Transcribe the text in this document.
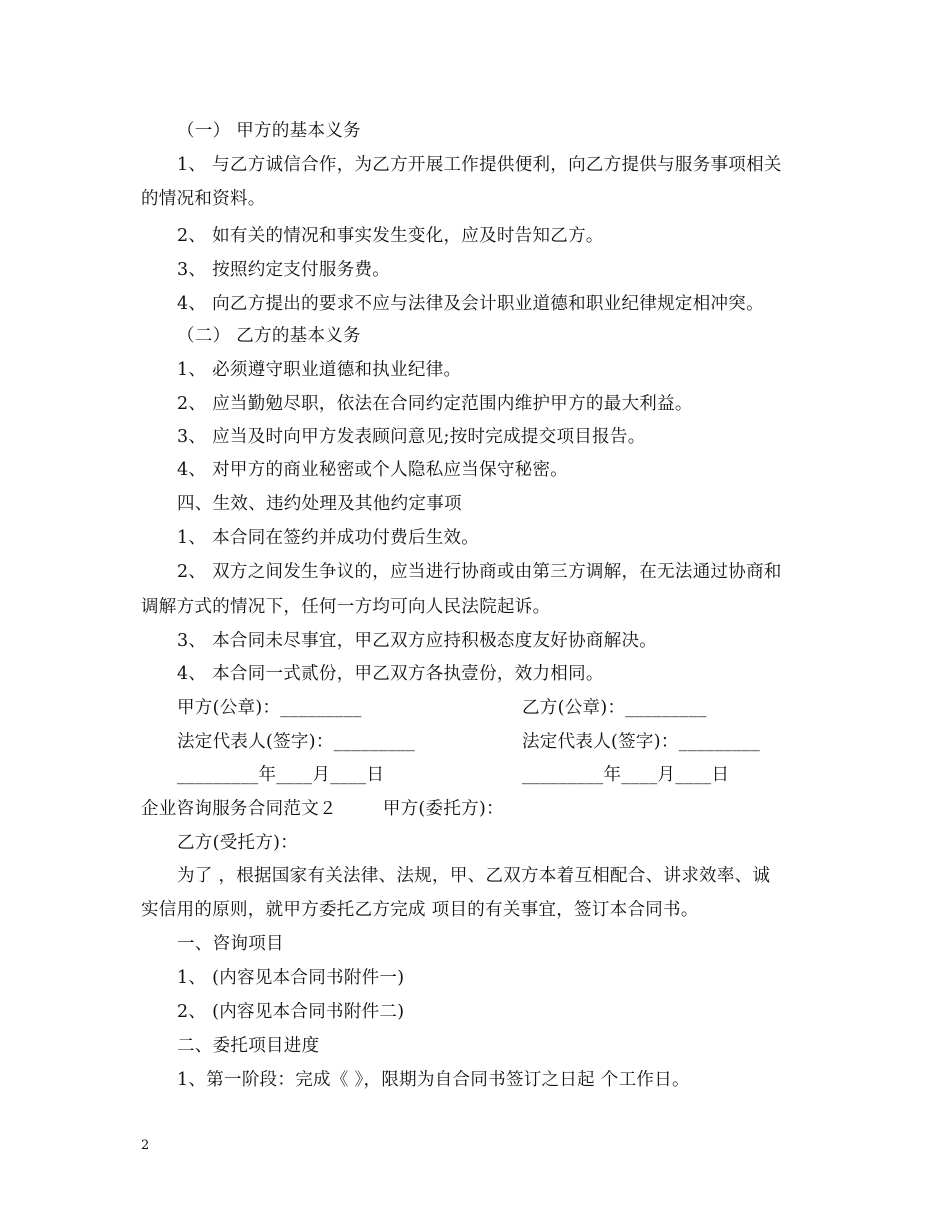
（一） 甲方的基本义务
1、 与乙方诚信合作，为乙方开展工作提供便利，向乙方提供与服务事项相关
的情况和资料。
2、 如有关的情况和事实发生变化，应及时告知乙方。
3、 按照约定支付服务费。
4、 向乙方提出的要求不应与法律及会计职业道德和职业纪律规定相冲突。
（二） 乙方的基本义务
1、 必须遵守职业道德和执业纪律。
2、 应当勤勉尽职，依法在合同约定范围内维护甲方的最大利益。
3、 应当及时向甲方发表顾问意见;按时完成提交项目报告。
4、 对甲方的商业秘密或个人隐私应当保守秘密。
四、生效、违约处理及其他约定事项
1、 本合同在签约并成功付费后生效。
2、 双方之间发生争议的，应当进行协商或由第三方调解，在无法通过协商和
调解方式的情况下，任何一方均可向人民法院起诉。
3、 本合同未尽事宜，甲乙双方应持积极态度友好协商解决。
4、 本合同一式贰份，甲乙双方各执壹份，效力相同。
甲方(公章)：_________	乙方(公章)：_________
法定代表人(签字)：_________	法定代表人(签字)：_________
_________年____月____日	_________年____月____日
企业咨询服务合同范文２	甲方(委托方)：
乙方(受托方)：
为了 ，根据国家有关法律、法规，甲、乙双方本着互相配合、讲求效率、诚
实信用的原则，就甲方委托乙方完成 项目的有关事宜，签订本合同书。
一、咨询项目
1、 (内容见本合同书附件一)
2、 (内容见本合同书附件二)
二、委托项目进度
1、第一阶段：完成《 》，限期为自合同书签订之日起 个工作日。
2
